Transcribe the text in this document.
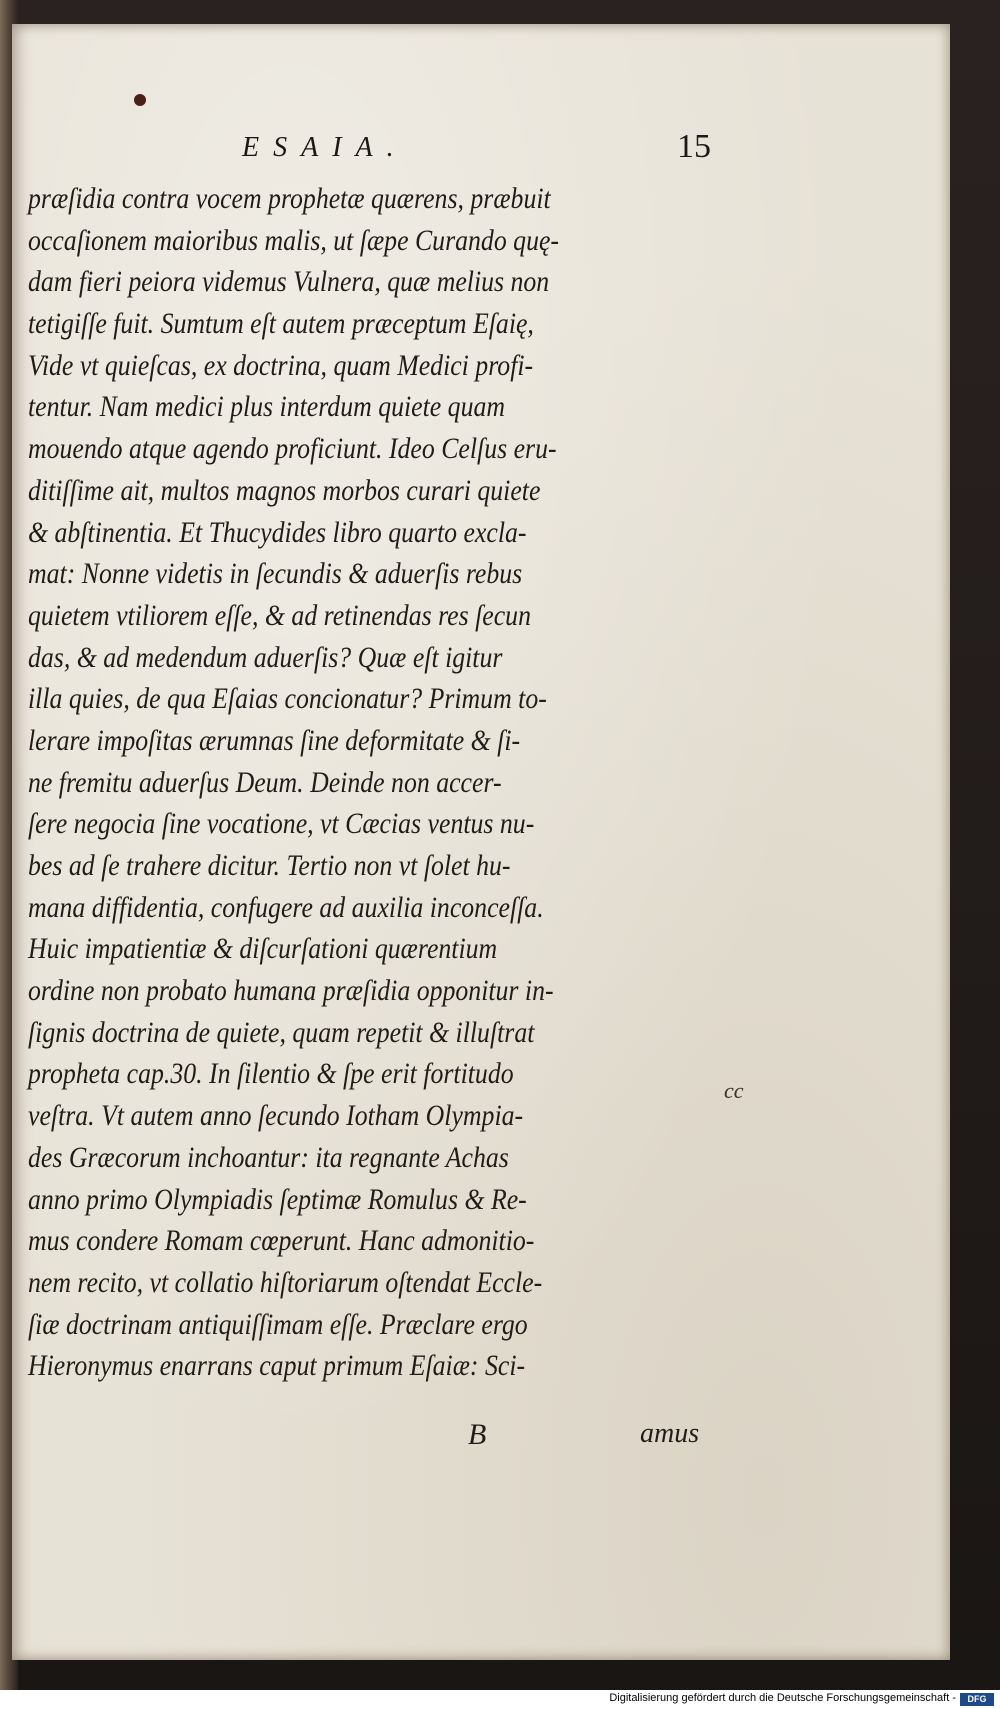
ESAIA.	15
præſidia contra vocem prophetæ quærens, præbuit
occaſionem maioribus malis, ut ſæpe Curando quę-
dam fieri peiora videmus Vulnera, quæ melius non
tetigiſſe fuit. Sumtum eſt autem præceptum Eſaię,
Vide vt quieſcas, ex doctrina, quam Medici profi-
tentur. Nam medici plus interdum quiete quam
mouendo atque agendo proficiunt. Ideo Celſus eru-
ditiſſime ait, multos magnos morbos curari quiete
& abſtinentia. Et Thucydides libro quarto excla-
mat: Nonne videtis in ſecundis & aduerſis rebus
quietem vtiliorem eſſe, & ad retinendas res ſecun
das, & ad medendum aduerſis? Quæ eſt igitur
illa quies, de qua Eſaias concionatur? Primum to-
lerare impoſitas ærumnas ſine deformitate & ſi-
ne fremitu aduerſus Deum. Deinde non accer-
ſere negocia ſine vocatione, vt Cæcias ventus nu-
bes ad ſe trahere dicitur. Tertio non vt ſolet hu-
mana diffidentia, confugere ad auxilia inconceſſa.
Huic impatientiæ & diſcurſationi quærentium
ordine non probato humana præſidia opponitur in-
ſignis doctrina de quiete, quam repetit & illuſtrat
propheta cap.30. In ſilentio & ſpe erit fortitudo
veſtra. Vt autem anno ſecundo Iotham Olympia-
des Græcorum inchoantur: ita regnante Achas
anno primo Olympiadis ſeptimæ Romulus & Re-
mus condere Romam cœperunt. Hanc admonitio-
nem recito, vt collatio hiſtoriarum oſtendat Eccle-
ſiæ doctrinam antiquiſſimam eſſe. Præclare ergo
Hieronymus enarrans caput primum Eſaiæ: Sci-
cc
B	amus
Digitalisierung gefördert durch die Deutsche Forschungsgemeinschaft -	DFG
